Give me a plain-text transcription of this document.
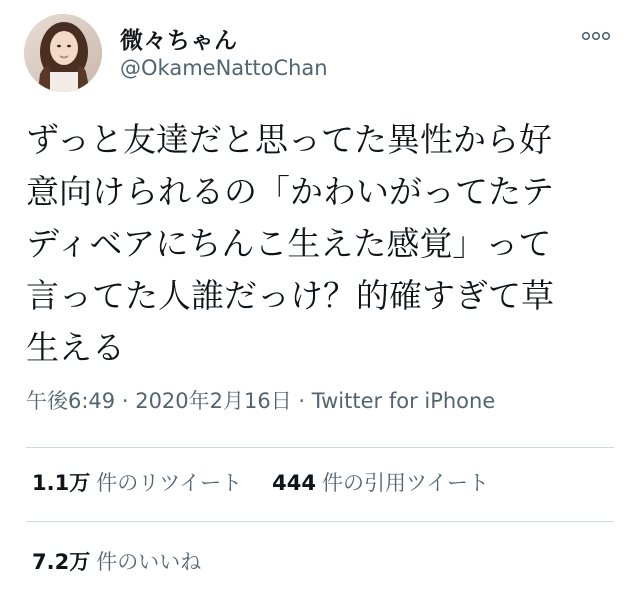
微々ちゃん
@OkameNattoChan
ずっと友達だと思ってた異性から好
意向けられるの「かわいがってたテ
ディベアにちんこ生えた感覚」って
言ってた人誰だっけ？的確すぎて草
生える
午後6:49 · 2020年2月16日 · Twitter for iPhone
1.1万 件のリツイート 444 件の引用ツイート
7.2万 件のいいね
